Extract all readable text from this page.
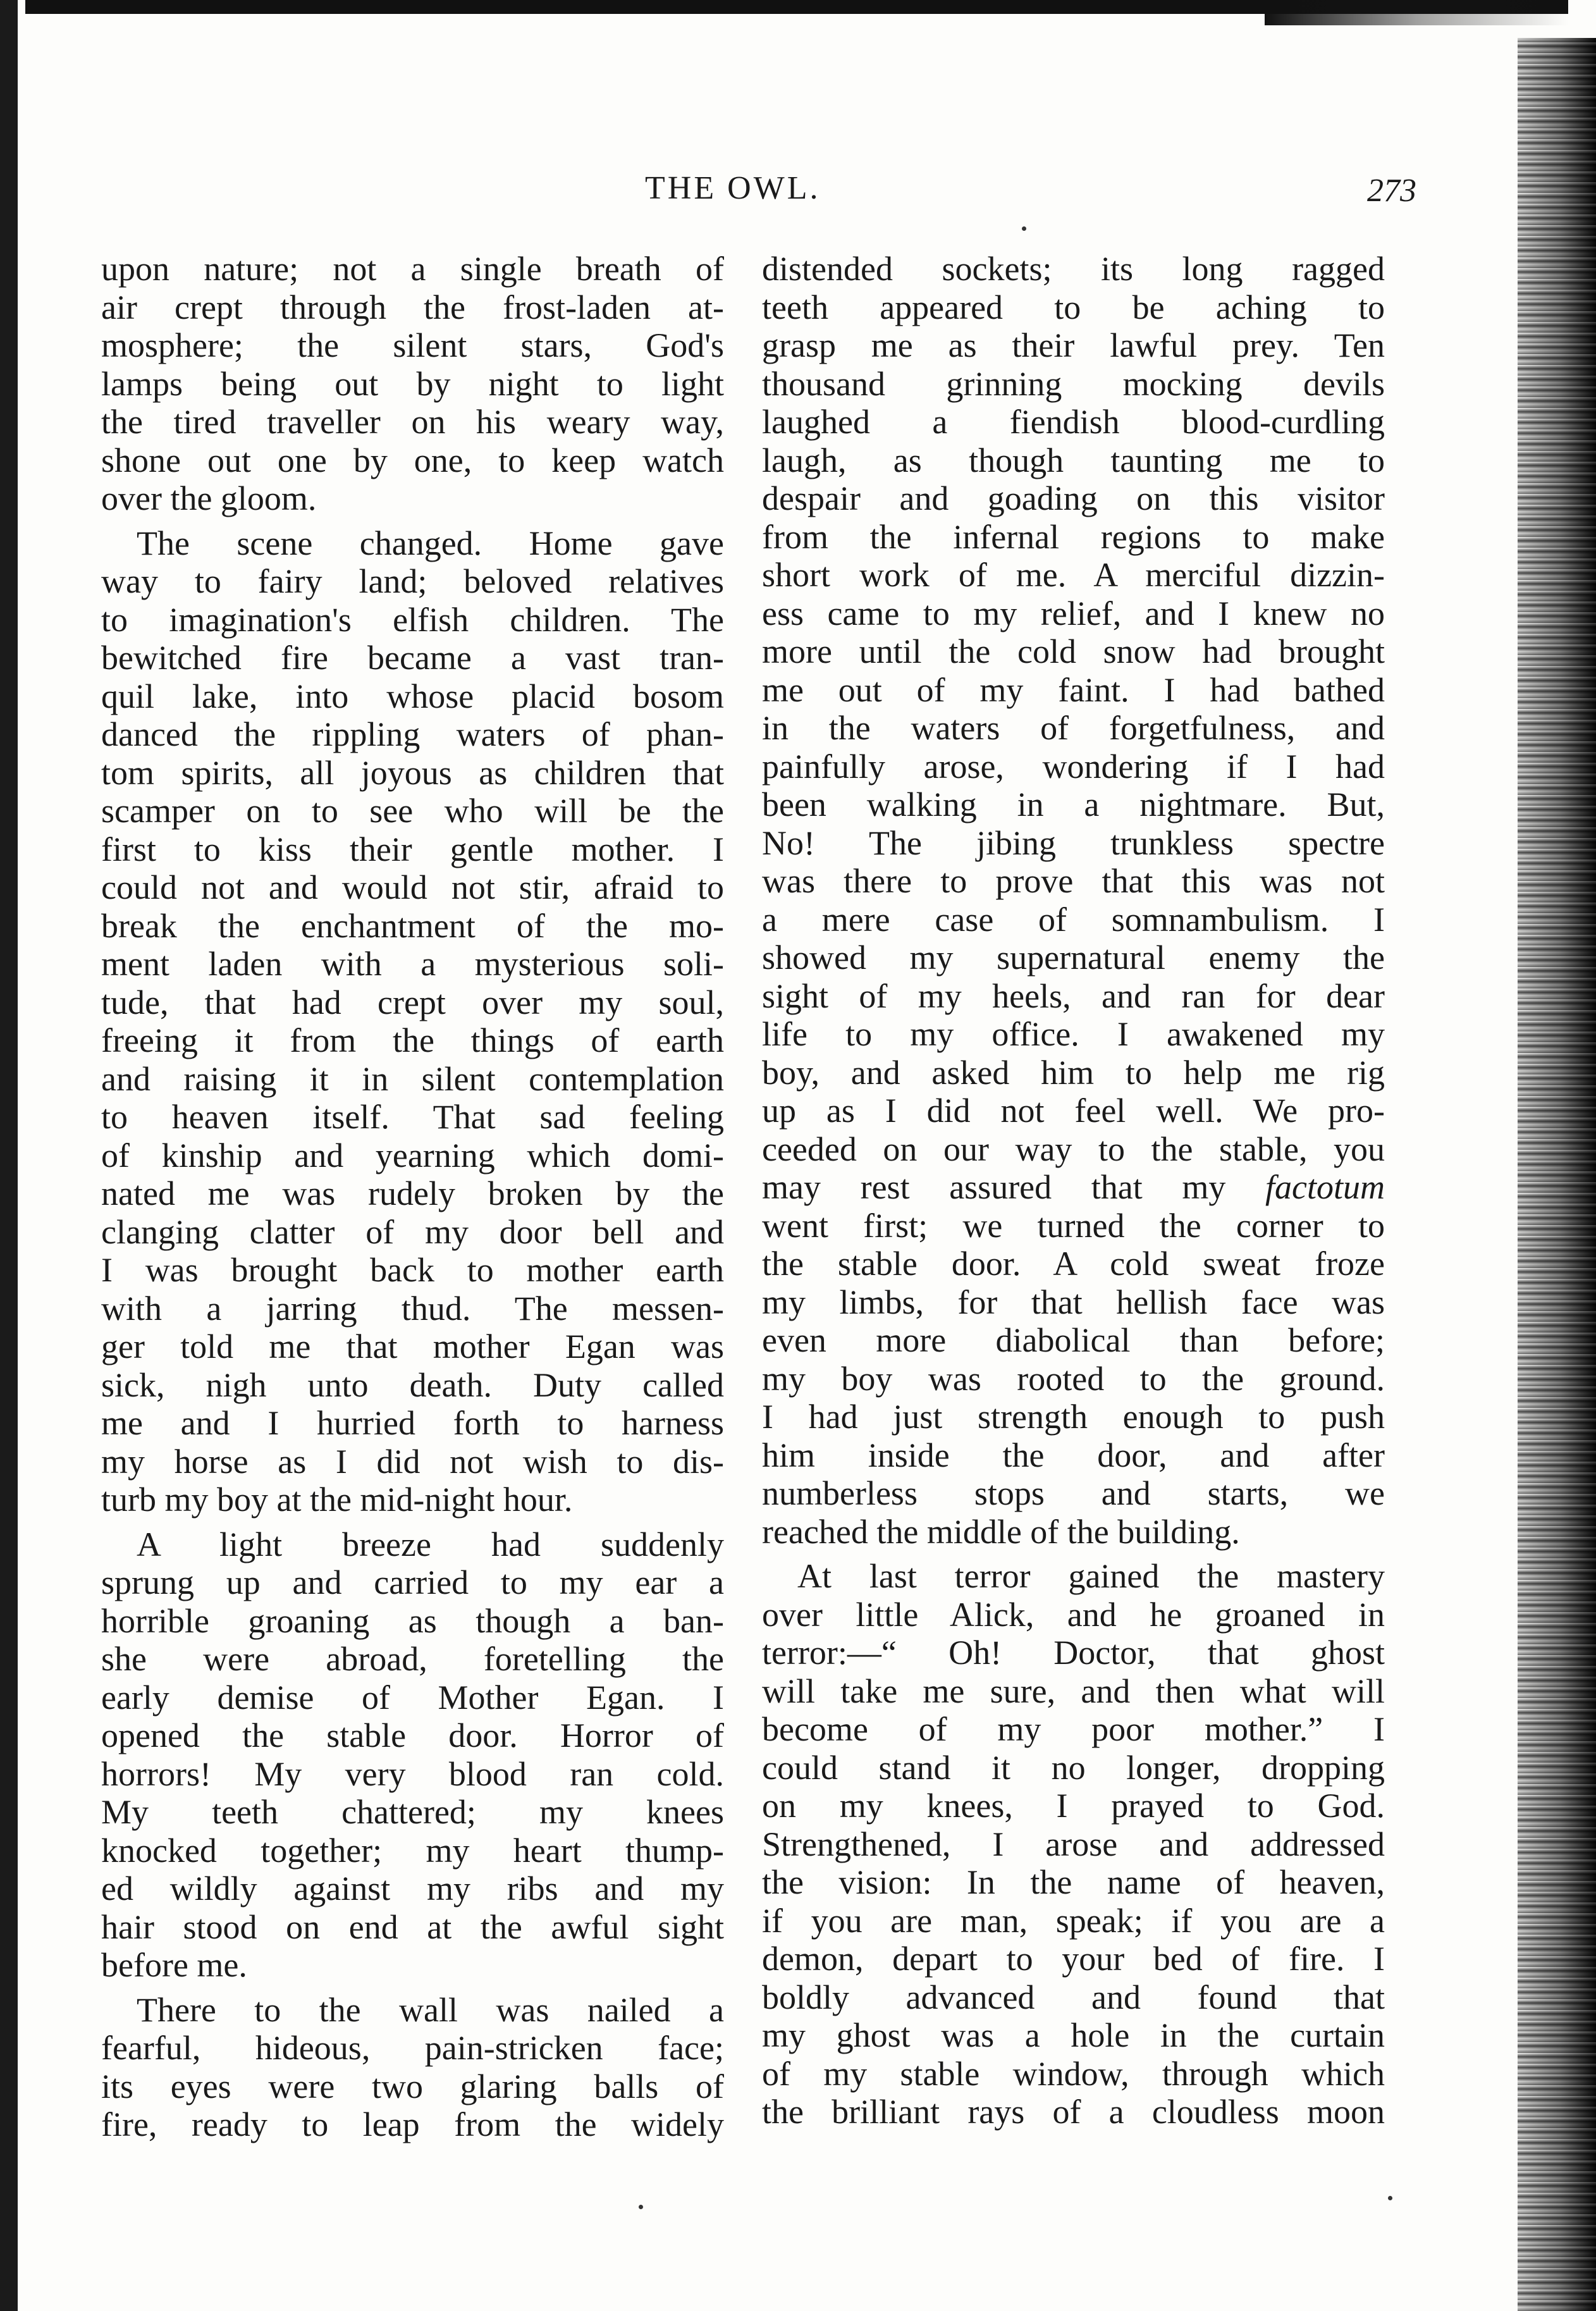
THE OWL.	273
upon nature; not a single breath of
air crept through the frost-laden at-
mosphere; the silent stars, God's
lamps being out by night to light
the tired traveller on his weary way,
shone out one by one, to keep watch
over the gloom.
The scene changed. Home gave
way to fairy land; beloved relatives
to imagination's elfish children. The
bewitched fire became a vast tran-
quil lake, into whose placid bosom
danced the rippling waters of phan-
tom spirits, all joyous as children that
scamper on to see who will be the
first to kiss their gentle mother. I
could not and would not stir, afraid to
break the enchantment of the mo-
ment laden with a mysterious soli-
tude, that had crept over my soul,
freeing it from the things of earth
and raising it in silent contemplation
to heaven itself. That sad feeling
of kinship and yearning which domi-
nated me was rudely broken by the
clanging clatter of my door bell and
I was brought back to mother earth
with a jarring thud. The messen-
ger told me that mother Egan was
sick, nigh unto death. Duty called
me and I hurried forth to harness
my horse as I did not wish to dis-
turb my boy at the mid-night hour.
A light breeze had suddenly
sprung up and carried to my ear a
horrible groaning as though a ban-
she were abroad, foretelling the
early demise of Mother Egan. I
opened the stable door. Horror of
horrors! My very blood ran cold.
My teeth chattered; my knees
knocked together; my heart thump-
ed wildly against my ribs and my
hair stood on end at the awful sight
before me.
There to the wall was nailed a
fearful, hideous, pain-stricken face;
its eyes were two glaring balls of
fire, ready to leap from the widely
distended sockets; its long ragged
teeth appeared to be aching to
grasp me as their lawful prey. Ten
thousand grinning mocking devils
laughed a fiendish blood-curdling
laugh, as though taunting me to
despair and goading on this visitor
from the infernal regions to make
short work of me. A merciful dizzin-
ess came to my relief, and I knew no
more until the cold snow had brought
me out of my faint. I had bathed
in the waters of forgetfulness, and
painfully arose, wondering if I had
been walking in a nightmare. But,
No! The jibing trunkless spectre
was there to prove that this was not
a mere case of somnambulism. I
showed my supernatural enemy the
sight of my heels, and ran for dear
life to my office. I awakened my
boy, and asked him to help me rig
up as I did not feel well. We pro-
ceeded on our way to the stable, you
may rest assured that my factotum
went first; we turned the corner to
the stable door. A cold sweat froze
my limbs, for that hellish face was
even more diabolical than before;
my boy was rooted to the ground.
I had just strength enough to push
him inside the door, and after
numberless stops and starts, we
reached the middle of the building.
At last terror gained the mastery
over little Alick, and he groaned in
terror:—“ Oh! Doctor, that ghost
will take me sure, and then what will
become of my poor mother.” I
could stand it no longer, dropping
on my knees, I prayed to God.
Strengthened, I arose and addressed
the vision: In the name of heaven,
if you are man, speak; if you are a
demon, depart to your bed of fire. I
boldly advanced and found that
my ghost was a hole in the curtain
of my stable window, through which
the brilliant rays of a cloudless moon
